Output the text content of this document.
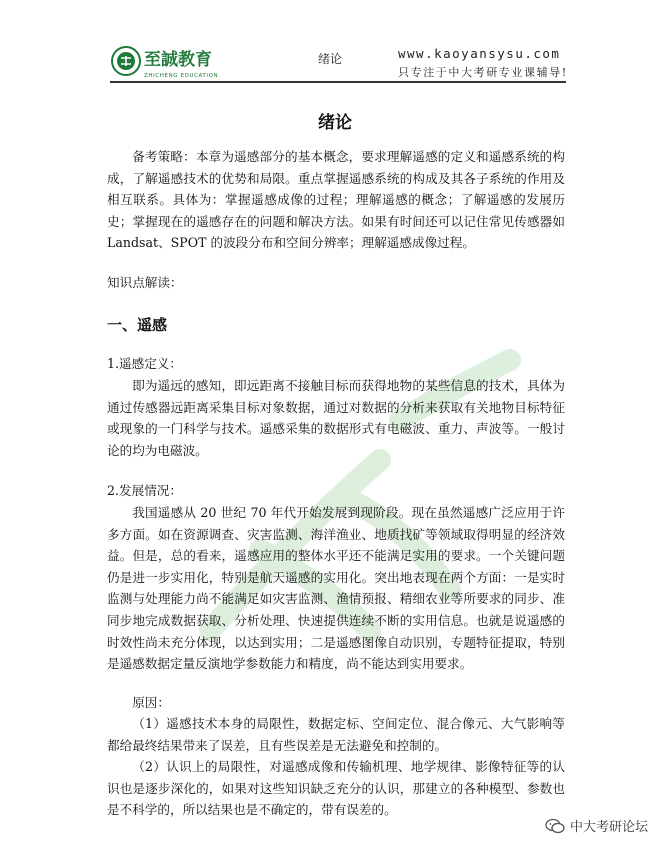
至誠教育
ZHICHENG EDUCATION
绪论	www.kaoyansysu.com
只专注于中大考研专业课辅导!
绪论
备考策略：本章为遥感部分的基本概念，要求理解遥感的定义和遥感系统的构成，了解遥感技术的优势和局限。重点掌握遥感系统的构成及其各子系统的作用及相互联系。具体为：掌握遥感成像的过程；理解遥感的概念；了解遥感的发展历史；掌握现在的遥感存在的问题和解决方法。如果有时间还可以记住常见传感器如 Landsat、SPOT 的波段分布和空间分辨率；理解遥感成像过程。
知识点解读：
一、遥感
1.遥感定义：
即为遥远的感知，即远距离不接触目标而获得地物的某些信息的技术，具体为通过传感器远距离采集目标对象数据，通过对数据的分析来获取有关地物目标特征或现象的一门科学与技术。遥感采集的数据形式有电磁波、重力、声波等。一般讨论的均为电磁波。
2.发展情况：
我国遥感从 20 世纪 70 年代开始发展到现阶段。现在虽然遥感广泛应用于许多方面。如在资源调查、灾害监测、海洋渔业、地质找矿等领域取得明显的经济效益。但是，总的看来，遥感应用的整体水平还不能满足实用的要求。一个关键问题仍是进一步实用化，特别是航天遥感的实用化。突出地表现在两个方面：一是实时监测与处理能力尚不能满足如灾害监测、渔情预报、精细农业等所要求的同步、准同步地完成数据获取、分析处理、快速提供连续不断的实用信息。也就是说遥感的时效性尚未充分体现，以达到实用；二是遥感图像自动识别，专题特征提取，特别是遥感数据定量反演地学参数能力和精度，尚不能达到实用要求。
原因：
（1）遥感技术本身的局限性，数据定标、空间定位、混合像元、大气影响等都给最终结果带来了误差，且有些误差是无法避免和控制的。
（2）认识上的局限性，对遥感成像和传输机理、地学规律、影像特征等的认识也是逐步深化的，如果对这些知识缺乏充分的认识，那建立的各种模型、参数也是不科学的，所以结果也是不确定的，带有误差的。
中大考研论坛
